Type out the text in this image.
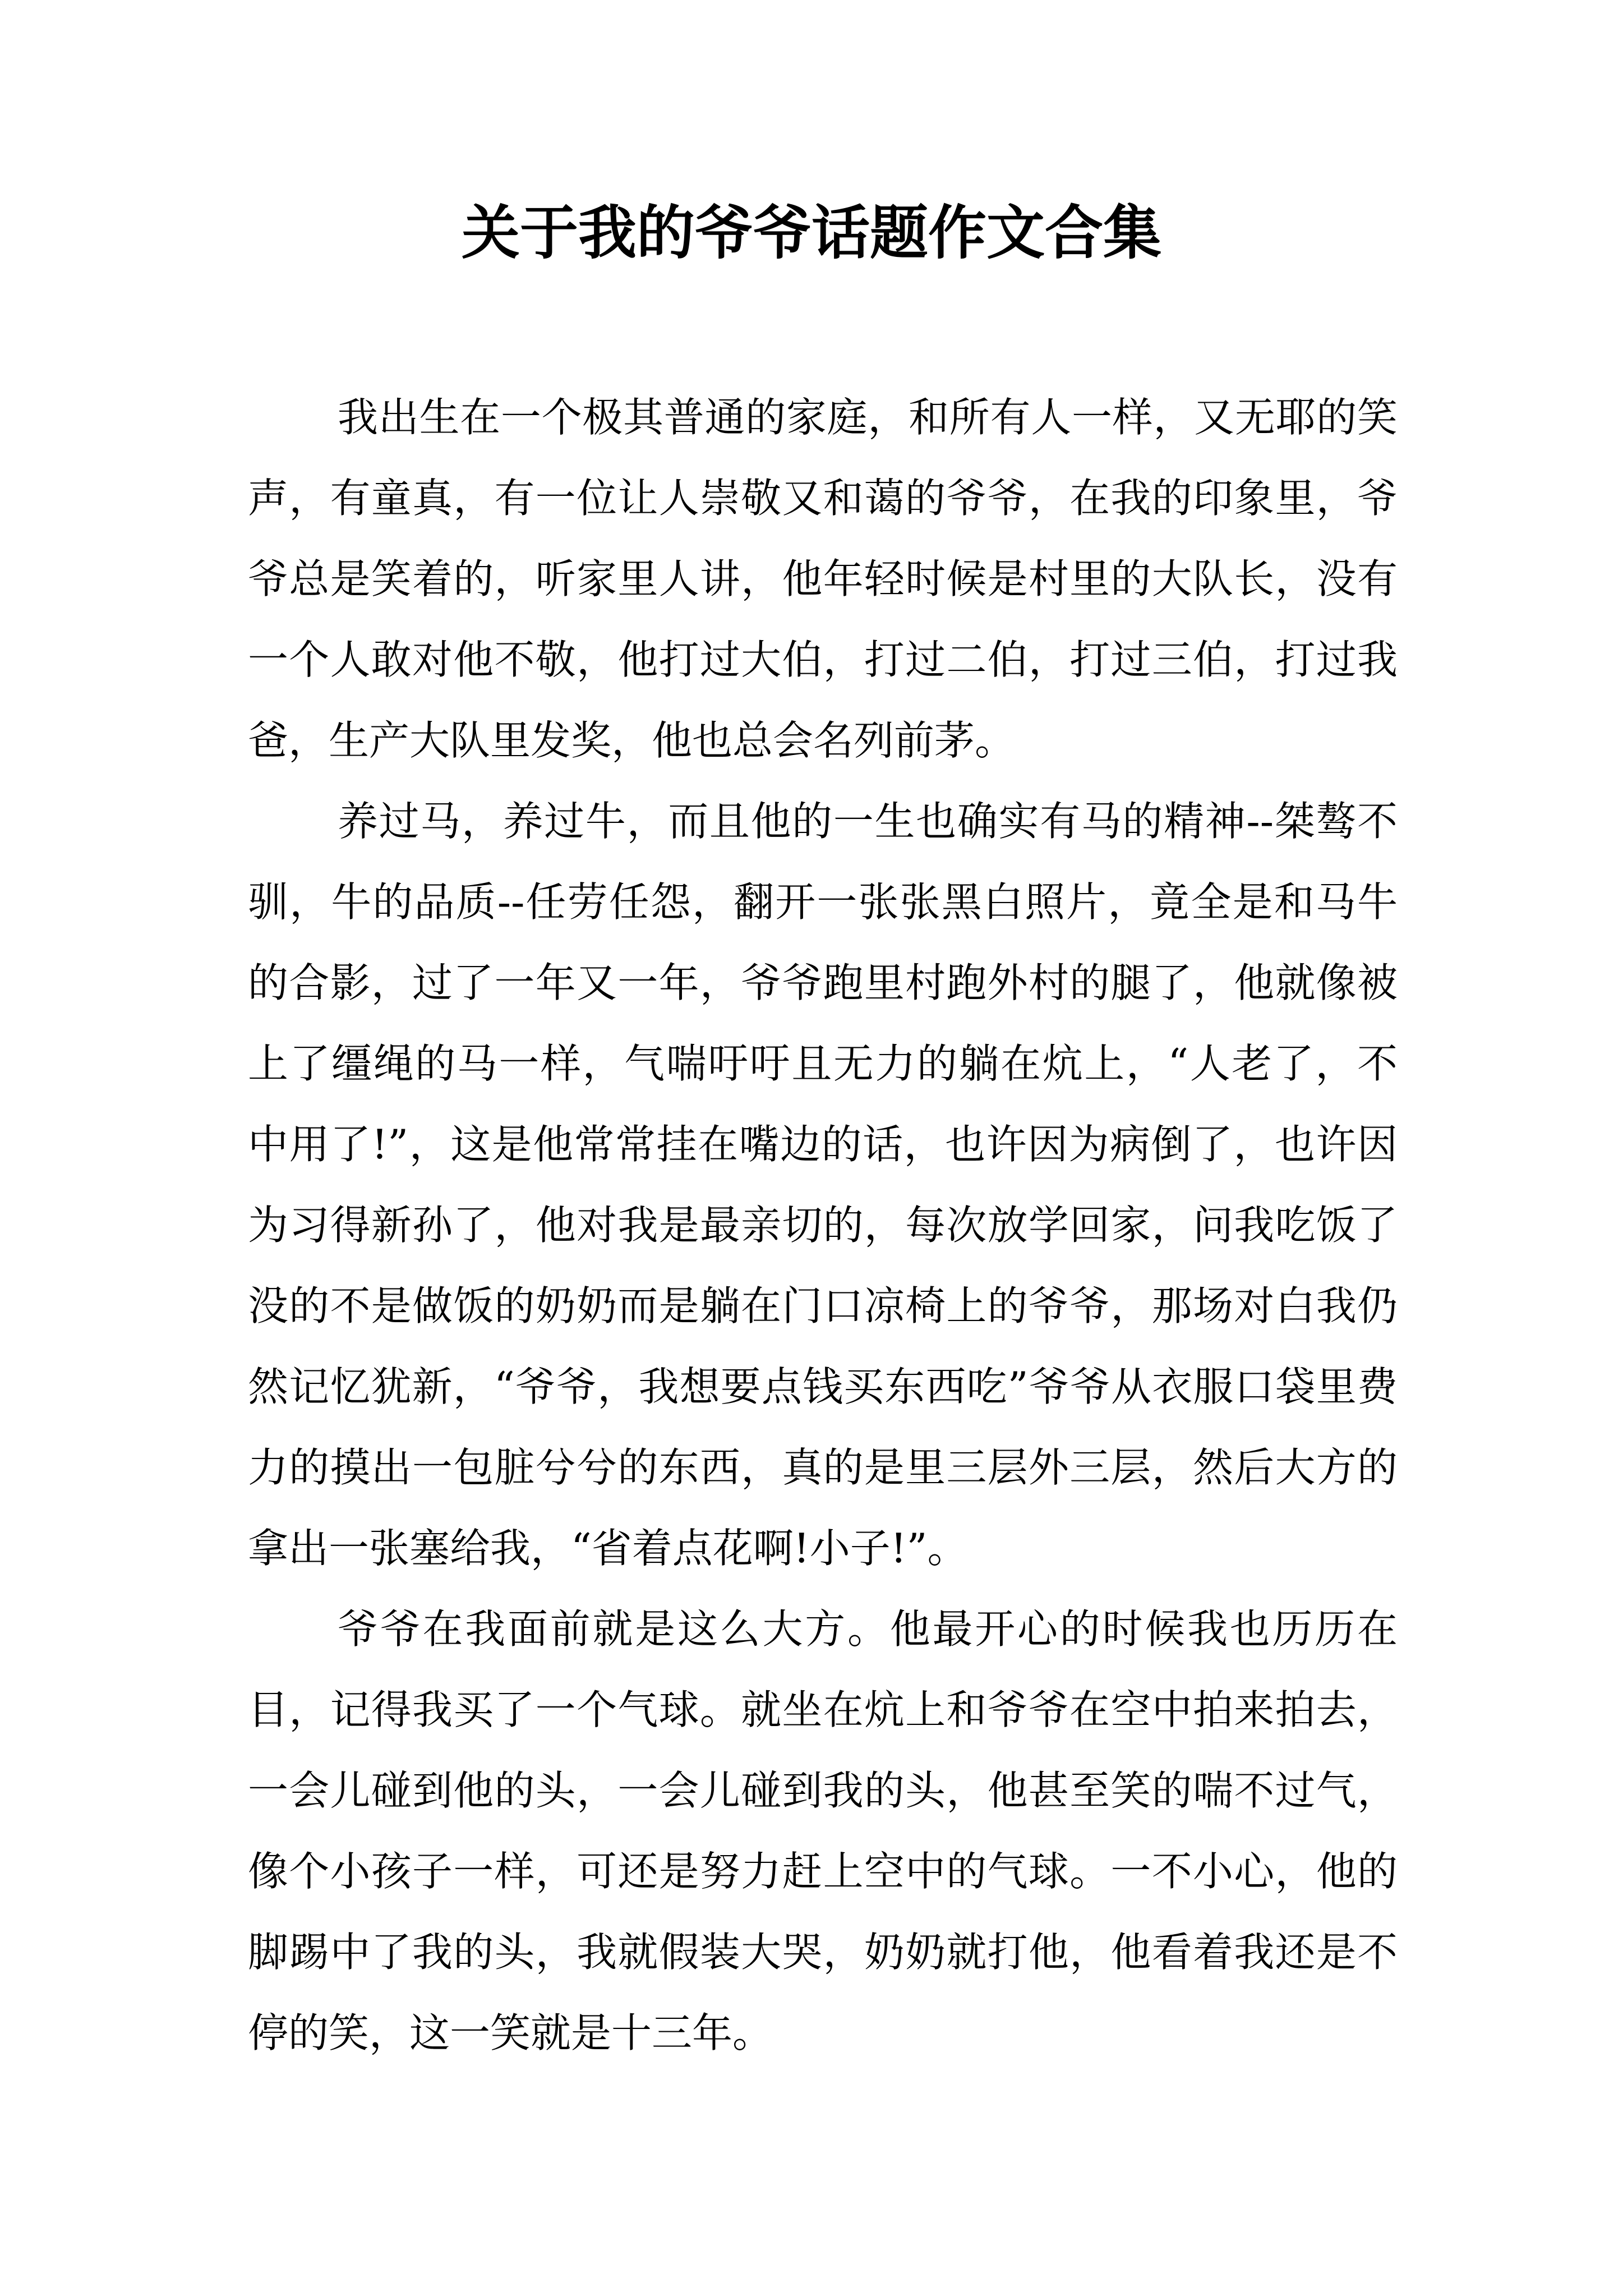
关于我的爷爷话题作文合集

我出生在一个极其普通的家庭，和所有人一样，又无耶的笑声，有童真，有一位让人崇敬又和蔼的爷爷，在我的印象里，爷爷总是笑着的，听家里人讲，他年轻时候是村里的大队长，没有一个人敢对他不敬，他打过大伯，打过二伯，打过三伯，打过我爸，生产大队里发奖，他也总会名列前茅。

养过马，养过牛，而且他的一生也确实有马的精神--桀骜不驯，牛的品质--任劳任怨，翻开一张张黑白照片，竟全是和马牛的合影，过了一年又一年，爷爷跑里村跑外村的腿了，他就像被上了缰绳的马一样，气喘吁吁且无力的躺在炕上，“人老了，不中用了!”，这是他常常挂在嘴边的话，也许因为病倒了，也许因为习得新孙了，他对我是最亲切的，每次放学回家，问我吃饭了没的不是做饭的奶奶而是躺在门口凉椅上的爷爷，那场对白我仍然记忆犹新，“爷爷，我想要点钱买东西吃”爷爷从衣服口袋里费力的摸出一包脏兮兮的东西，真的是里三层外三层，然后大方的拿出一张塞给我，“省着点花啊!小子!”。

爷爷在我面前就是这么大方。他最开心的时候我也历历在目，记得我买了一个气球。就坐在炕上和爷爷在空中拍来拍去，一会儿碰到他的头，一会儿碰到我的头，他甚至笑的喘不过气，像个小孩子一样，可还是努力赶上空中的气球。一不小心，他的脚踢中了我的头，我就假装大哭，奶奶就打他，他看着我还是不停的笑，这一笑就是十三年。
